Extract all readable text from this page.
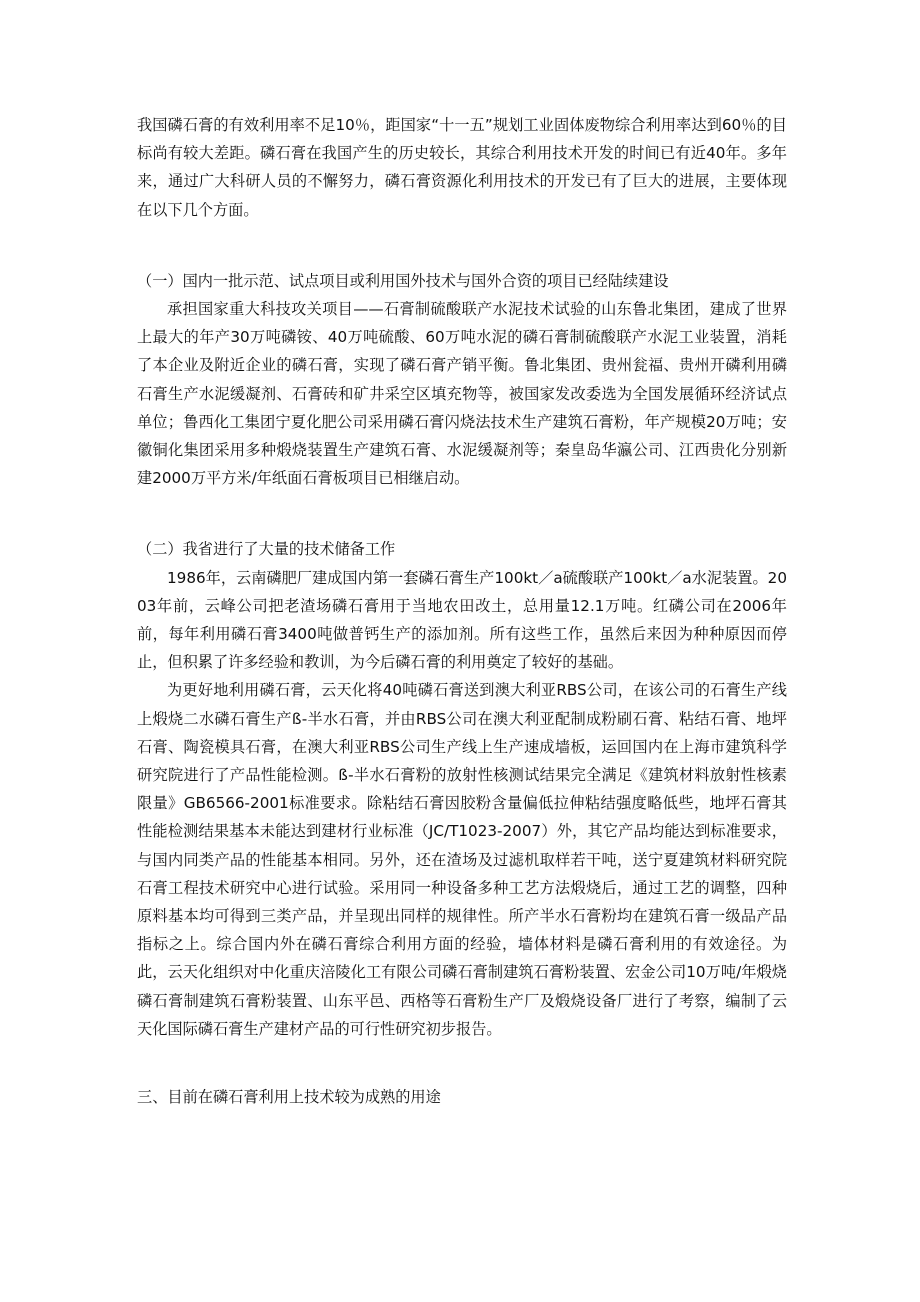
我国磷石膏的有效利用率不足10％，距国家“十一五”规划工业固体废物综合利用率达到60％的目标尚有较大差距。磷石膏在我国产生的历史较长，其综合利用技术开发的时间已有近40年。多年来，通过广大科研人员的不懈努力，磷石膏资源化利用技术的开发已有了巨大的进展，主要体现在以下几个方面。

（一）国内一批示范、试点项目或利用国外技术与国外合资的项目已经陆续建设

承担国家重大科技攻关项目——石膏制硫酸联产水泥技术试验的山东鲁北集团，建成了世界上最大的年产30万吨磷铵、40万吨硫酸、60万吨水泥的磷石膏制硫酸联产水泥工业装置，消耗了本企业及附近企业的磷石膏，实现了磷石膏产销平衡。鲁北集团、贵州瓮福、贵州开磷利用磷石膏生产水泥缓凝剂、石膏砖和矿井采空区填充物等，被国家发改委选为全国发展循环经济试点单位；鲁西化工集团宁夏化肥公司采用磷石膏闪烧法技术生产建筑石膏粉，年产规模20万吨；安徽铜化集团采用多种煅烧装置生产建筑石膏、水泥缓凝剂等；秦皇岛华瀛公司、江西贵化分别新建2000万平方米/年纸面石膏板项目已相继启动。

（二）我省进行了大量的技术储备工作

1986年，云南磷肥厂建成国内第一套磷石膏生产100kt／a硫酸联产100kt／a水泥装置。2003年前，云峰公司把老渣场磷石膏用于当地农田改土，总用量12.1万吨。红磷公司在2006年前，每年利用磷石膏3400吨做普钙生产的添加剂。所有这些工作，虽然后来因为种种原因而停止，但积累了许多经验和教训，为今后磷石膏的利用奠定了较好的基础。

为更好地利用磷石膏，云天化将40吨磷石膏送到澳大利亚RBS公司，在该公司的石膏生产线上煅烧二水磷石膏生产ß-半水石膏，并由RBS公司在澳大利亚配制成粉刷石膏、粘结石膏、地坪石膏、陶瓷模具石膏，在澳大利亚RBS公司生产线上生产速成墙板，运回国内在上海市建筑科学研究院进行了产品性能检测。ß-半水石膏粉的放射性核测试结果完全满足《建筑材料放射性核素限量》GB6566-2001标准要求。除粘结石膏因胶粉含量偏低拉伸粘结强度略低些，地坪石膏其性能检测结果基本未能达到建材行业标准（JC/T1023-2007）外，其它产品均能达到标准要求，与国内同类产品的性能基本相同。另外，还在渣场及过滤机取样若干吨，送宁夏建筑材料研究院石膏工程技术研究中心进行试验。采用同一种设备多种工艺方法煅烧后，通过工艺的调整，四种原料基本均可得到三类产品，并呈现出同样的规律性。所产半水石膏粉均在建筑石膏一级品产品指标之上。综合国内外在磷石膏综合利用方面的经验，墙体材料是磷石膏利用的有效途径。为此，云天化组织对中化重庆涪陵化工有限公司磷石膏制建筑石膏粉装置、宏金公司10万吨/年煅烧磷石膏制建筑石膏粉装置、山东平邑、西格等石膏粉生产厂及煅烧设备厂进行了考察，编制了云天化国际磷石膏生产建材产品的可行性研究初步报告。

三、目前在磷石膏利用上技术较为成熟的用途
